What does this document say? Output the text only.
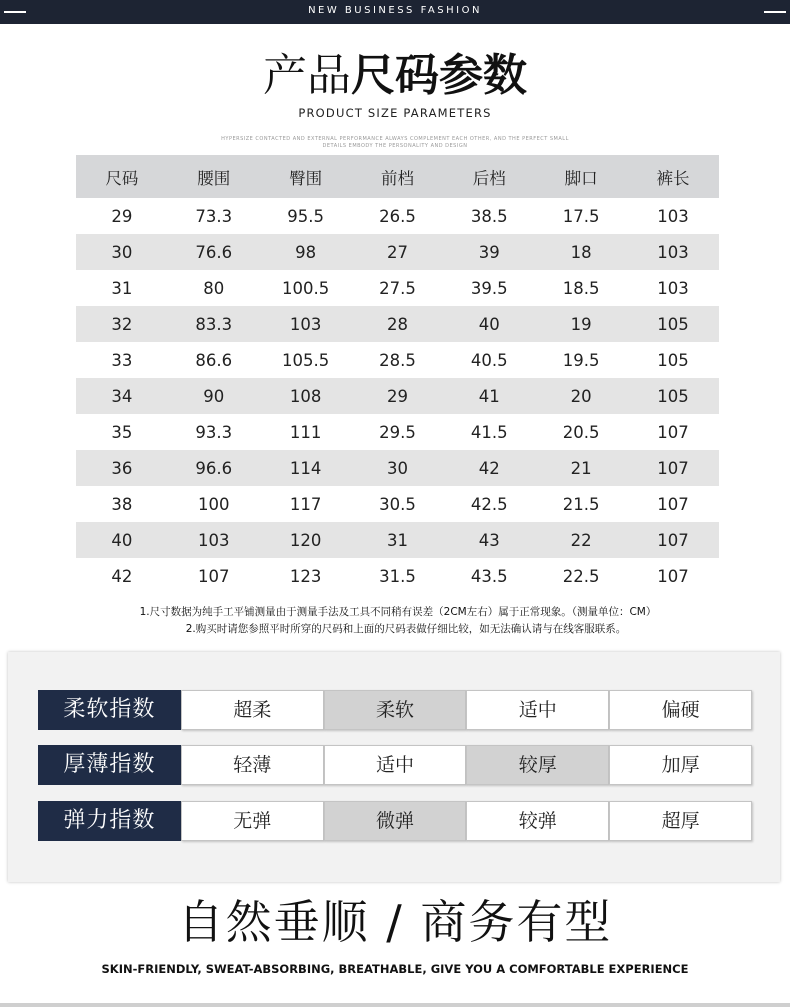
NEW BUSINESS FASHION
产品尺码参数
PRODUCT SIZE PARAMETERS
HYPERSIZE CONTACTED AND EXTERNAL PERFORMANCE ALWAYS COMPLEMENT EACH OTHER, AND THE PERFECT SMALL
DETAILS EMBODY THE PERSONALITY AND DESIGN
尺码	腰围	臀围	前档	后档	脚口	裤长
29	73.3	95.5	26.5	38.5	17.5	103
30	76.6	98	27	39	18	103
31	80	100.5	27.5	39.5	18.5	103
32	83.3	103	28	40	19	105
33	86.6	105.5	28.5	40.5	19.5	105
34	90	108	29	41	20	105
35	93.3	111	29.5	41.5	20.5	107
36	96.6	114	30	42	21	107
38	100	117	30.5	42.5	21.5	107
40	103	120	31	43	22	107
42	107	123	31.5	43.5	22.5	107
1.尺寸数据为纯手工平铺测量由于测量手法及工具不同稍有误差（2CM左右）属于正常现象。（测量单位：CM）
2.购买时请您参照平时所穿的尺码和上面的尺码表做仔细比较，如无法确认请与在线客服联系。
柔软指数	超柔	柔软	适中	偏硬
厚薄指数	轻薄	适中	较厚	加厚
弹力指数	无弹	微弹	较弹	超厚
自然垂顺 / 商务有型
SKIN-FRIENDLY, SWEAT-ABSORBING, BREATHABLE, GIVE YOU A COMFORTABLE EXPERIENCE
